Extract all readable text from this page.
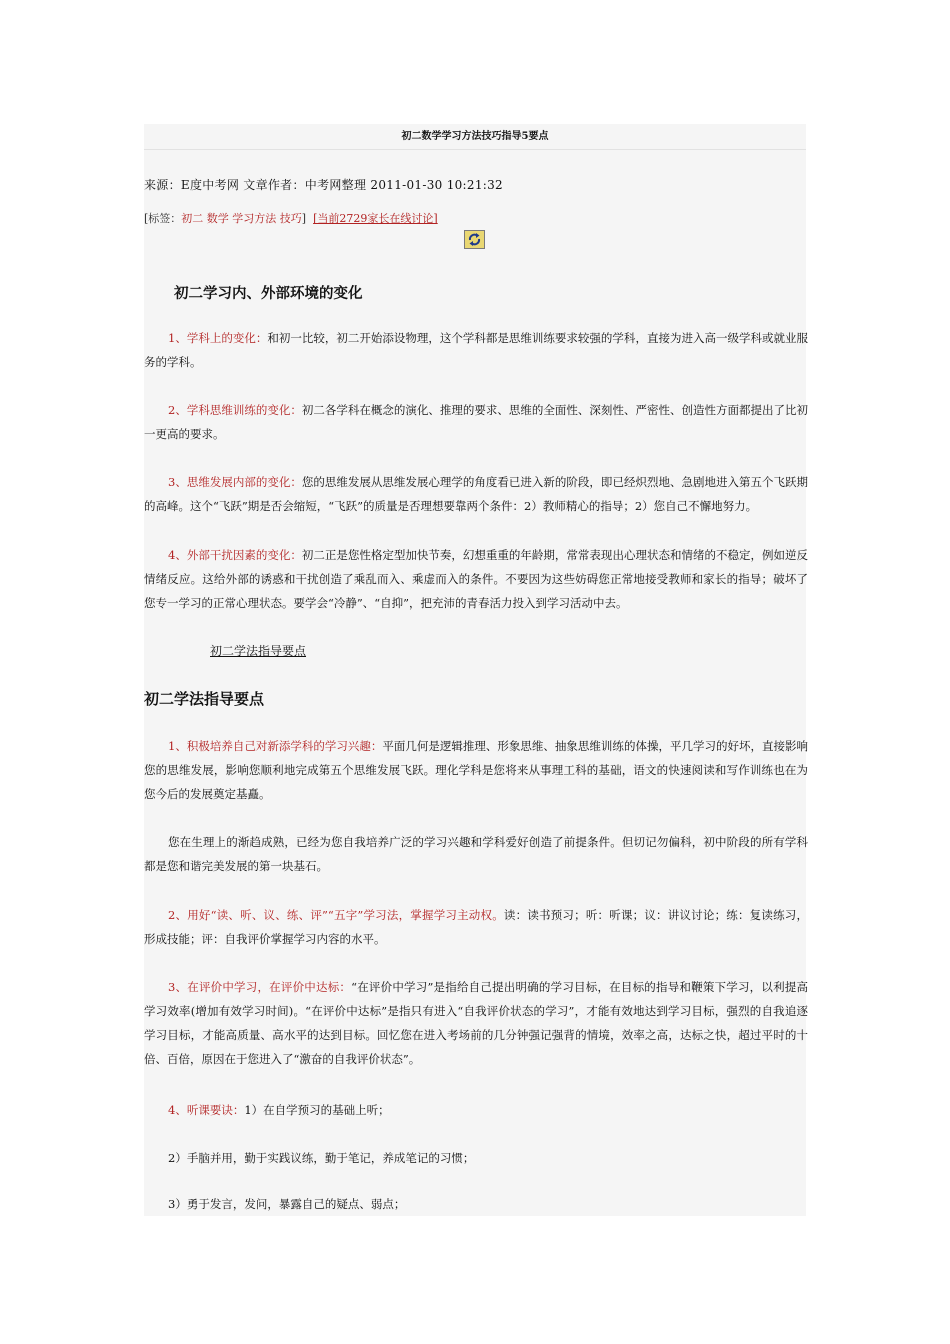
初二数学学习方法技巧指导5要点
来源：E度中考网 文章作者：中考网整理 2011-01-30 10:21:32
[标签：初二 数学 学习方法 技巧] [当前2729家长在线讨论]
初二学习内、外部环境的变化
1、学科上的变化：和初一比较，初二开始添设物理，这个学科都是思维训练要求较强的学科，直接为进入高一级学科或就业服务的学科。
2、学科思维训练的变化：初二各学科在概念的演化、推理的要求、思维的全面性、深刻性、严密性、创造性方面都提出了比初一更高的要求。
3、思维发展内部的变化：您的思维发展从思维发展心理学的角度看已进入新的阶段，即已经炽烈地、急剧地进入第五个飞跃期的高峰。这个“飞跃”期是否会缩短，“飞跃”的质量是否理想要靠两个条件：2）教师精心的指导；2）您自己不懈地努力。
4、外部干扰因素的变化：初二正是您性格定型加快节奏，幻想重重的年龄期，常常表现出心理状态和情绪的不稳定，例如逆反情绪反应。这给外部的诱惑和干扰创造了乘乱而入、乘虚而入的条件。不要因为这些妨碍您正常地接受教师和家长的指导；破坏了您专一学习的正常心理状态。要学会“冷静”、“自抑”，把充沛的青春活力投入到学习活动中去。
初二学法指导要点
初二学法指导要点
1、积极培养自己对新添学科的学习兴趣：平面几何是逻辑推理、形象思维、抽象思维训练的体操，平几学习的好坏，直接影响您的思维发展，影响您顺利地完成第五个思维发展飞跃。理化学科是您将来从事理工科的基础，语文的快速阅读和写作训练也在为您今后的发展奠定基矗。
您在生理上的渐趋成熟，已经为您自我培养广泛的学习兴趣和学科爱好创造了前提条件。但切记勿偏科，初中阶段的所有学科都是您和谐完美发展的第一块基石。
2、用好“读、听、议、练、评”“五字”学习法，掌握学习主动权。读：读书预习；听：听课；议：讲议讨论；练：复读练习，形成技能；评：自我评价掌握学习内容的水平。
3、在评价中学习，在评价中达标：“在评价中学习”是指给自己提出明确的学习目标，在目标的指导和鞭策下学习，以利提高学习效率(增加有效学习时间)。“在评价中达标”是指只有进入“自我评价状态的学习”，才能有效地达到学习目标，强烈的自我追逐学习目标，才能高质量、高水平的达到目标。回忆您在进入考场前的几分钟强记强背的情境，效率之高，达标之快，超过平时的十倍、百倍，原因在于您进入了“激奋的自我评价状态”。
4、听课要诀：1）在自学预习的基础上听；
2）手脑并用，勤于实践议练，勤于笔记，养成笔记的习惯；
3）勇于发言，发问，暴露自己的疑点、弱点；
